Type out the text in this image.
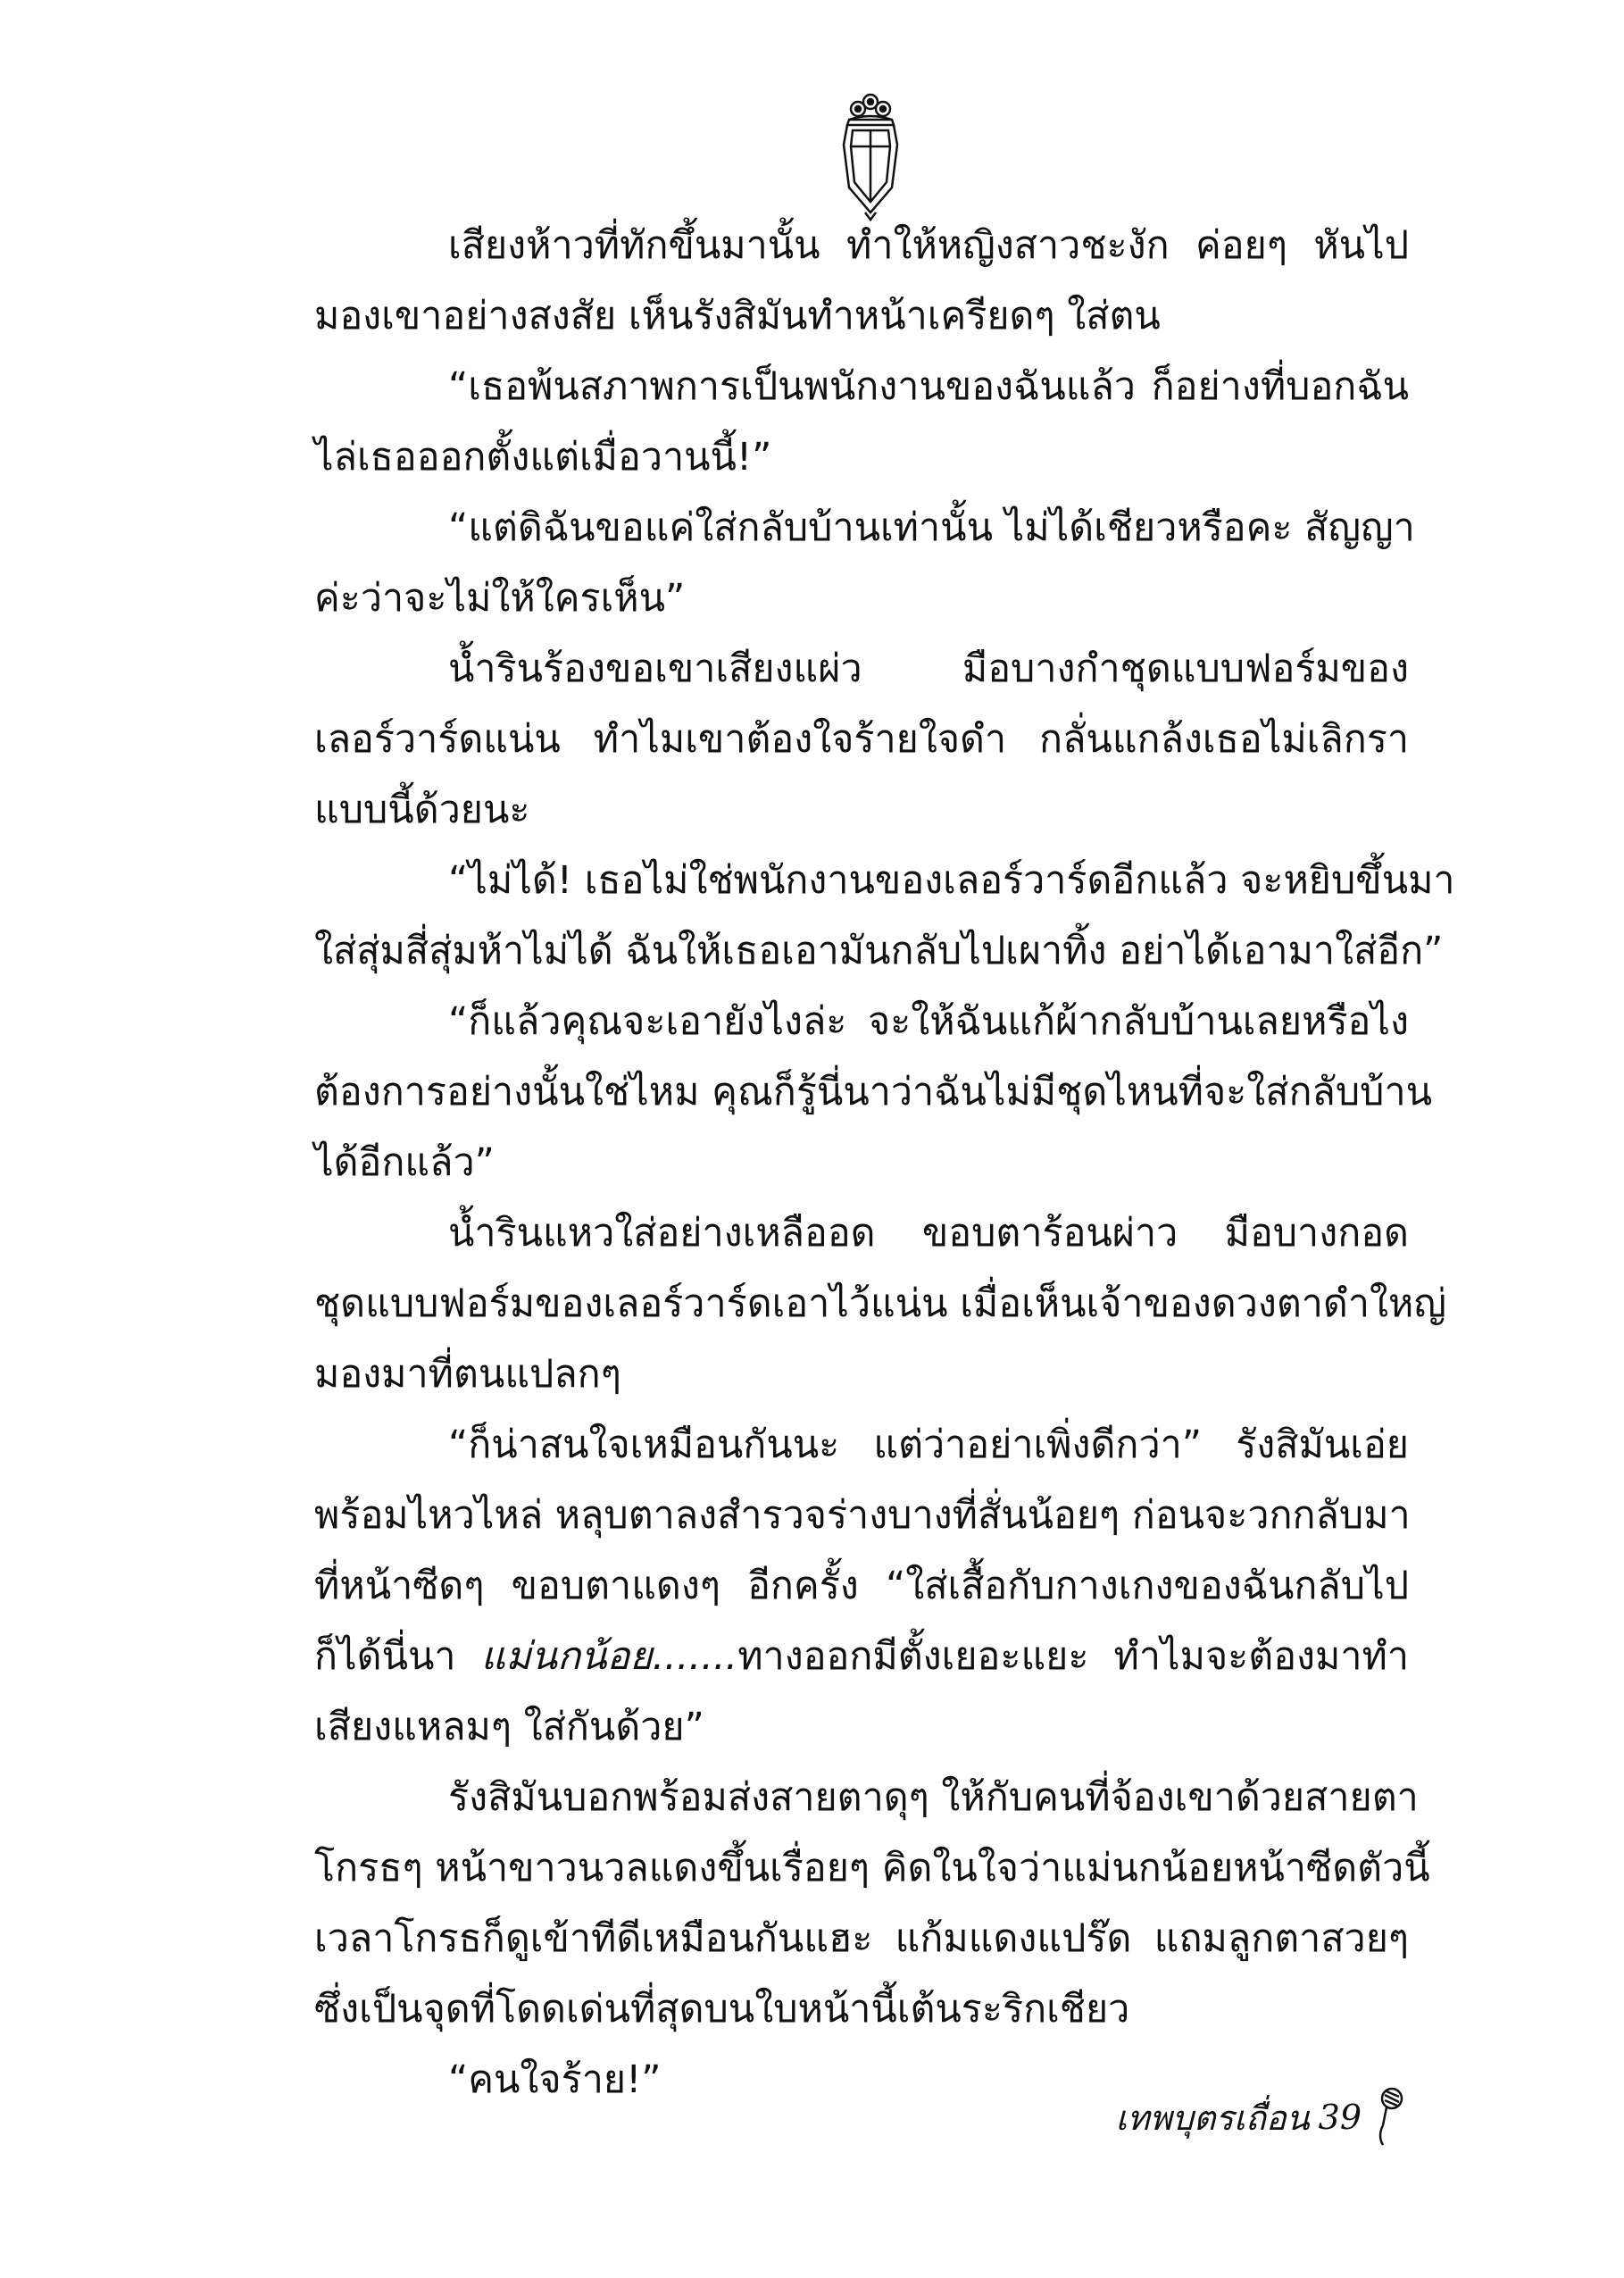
เสียงห้าวที่ทักขึ้นมานั้น ทำให้หญิงสาวชะงัก ค่อยๆ หันไป
มองเขาอย่างสงสัย เห็นรังสิมันทำหน้าเครียดๆ ใส่ตน
“เธอพ้นสภาพการเป็นพนักงานของฉันแล้ว ก็อย่างที่บอกฉัน
ไล่เธอออกตั้งแต่เมื่อวานนี้!”
“แต่ดิฉันขอแค่ใส่กลับบ้านเท่านั้น ไม่ได้เชียวหรือคะ สัญญา
ค่ะว่าจะไม่ให้ใครเห็น”
น้ำรินร้องขอเขาเสียงแผ่ว มือบางกำชุดแบบฟอร์มของ
เลอร์วาร์ดแน่น ทำไมเขาต้องใจร้ายใจดำ กลั่นแกล้งเธอไม่เลิกรา
แบบนี้ด้วยนะ
“ไม่ได้! เธอไม่ใช่พนักงานของเลอร์วาร์ดอีกแล้ว จะหยิบขึ้นมา
ใส่สุ่มสี่สุ่มห้าไม่ได้ ฉันให้เธอเอามันกลับไปเผาทิ้ง อย่าได้เอามาใส่อีก”
“ก็แล้วคุณจะเอายังไงล่ะ จะให้ฉันแก้ผ้ากลับบ้านเลยหรือไง
ต้องการอย่างนั้นใช่ไหม คุณก็รู้นี่นาว่าฉันไม่มีชุดไหนที่จะใส่กลับบ้าน
ได้อีกแล้ว”
น้ำรินแหวใส่อย่างเหลืออด ขอบตาร้อนผ่าว มือบางกอด
ชุดแบบฟอร์มของเลอร์วาร์ดเอาไว้แน่น เมื่อเห็นเจ้าของดวงตาดำใหญ่
มองมาที่ตนแปลกๆ
“ก็น่าสนใจเหมือนกันนะ แต่ว่าอย่าเพิ่งดีกว่า” รังสิมันเอ่ย
พร้อมไหวไหล่ หลุบตาลงสำรวจร่างบางที่สั่นน้อยๆ ก่อนจะวกกลับมา
ที่หน้าซีดๆ ขอบตาแดงๆ อีกครั้ง “ใส่เสื้อกับกางเกงของฉันกลับไป
ก็ได้นี่นา แม่นกน้อย.......ทางออกมีตั้งเยอะแยะ ทำไมจะต้องมาทำ
เสียงแหลมๆ ใส่กันด้วย”
รังสิมันบอกพร้อมส่งสายตาดุๆ ให้กับคนที่จ้องเขาด้วยสายตา
โกรธๆ หน้าขาวนวลแดงขึ้นเรื่อยๆ คิดในใจว่าแม่นกน้อยหน้าซีดตัวนี้
เวลาโกรธก็ดูเข้าทีดีเหมือนกันแฮะ แก้มแดงแปร๊ด แถมลูกตาสวยๆ
ซึ่งเป็นจุดที่โดดเด่นที่สุดบนใบหน้านี้เต้นระริกเชียว
“คนใจร้าย!”
เทพบุตรเถื่อน 39
